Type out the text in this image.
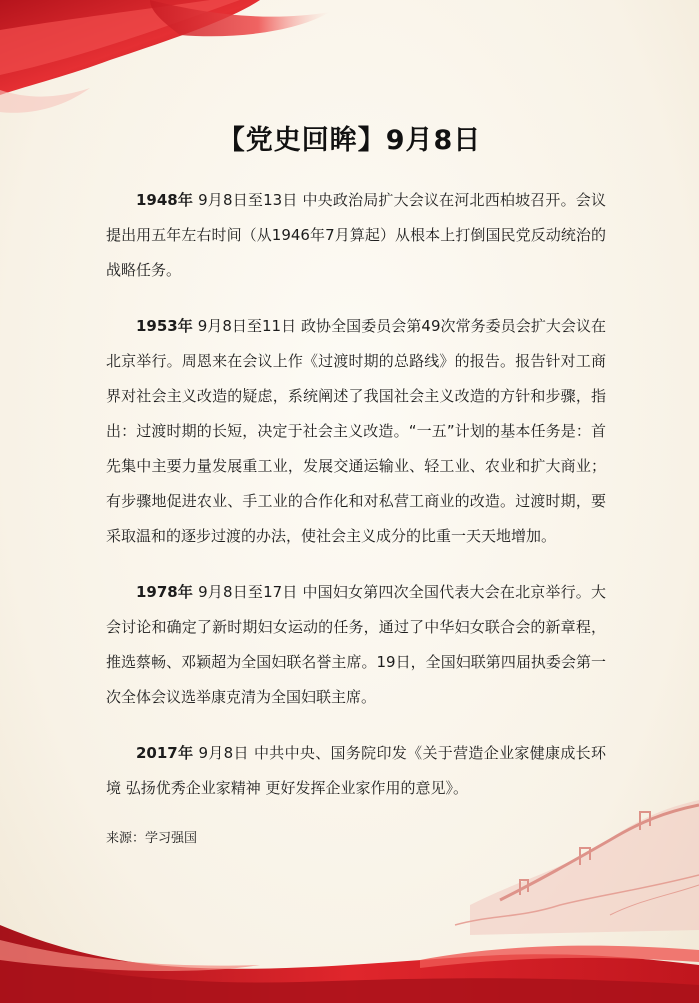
【党史回眸】9月8日

1948年 9月8日至13日 中央政治局扩大会议在河北西柏坡召开。会议提出用五年左右时间（从1946年7月算起）从根本上打倒国民党反动统治的战略任务。

1953年 9月8日至11日 政协全国委员会第49次常务委员会扩大会议在北京举行。周恩来在会议上作《过渡时期的总路线》的报告。报告针对工商界对社会主义改造的疑虑，系统阐述了我国社会主义改造的方针和步骤，指出：过渡时期的长短，决定于社会主义改造。“一五”计划的基本任务是：首先集中主要力量发展重工业，发展交通运输业、轻工业、农业和扩大商业；有步骤地促进农业、手工业的合作化和对私营工商业的改造。过渡时期，要采取温和的逐步过渡的办法，使社会主义成分的比重一天天地增加。

1978年 9月8日至17日 中国妇女第四次全国代表大会在北京举行。大会讨论和确定了新时期妇女运动的任务，通过了中华妇女联合会的新章程，推选蔡畅、邓颖超为全国妇联名誉主席。19日，全国妇联第四届执委会第一次全体会议选举康克清为全国妇联主席。

2017年 9月8日 中共中央、国务院印发《关于营造企业家健康成长环境 弘扬优秀企业家精神 更好发挥企业家作用的意见》。

来源：学习强国
